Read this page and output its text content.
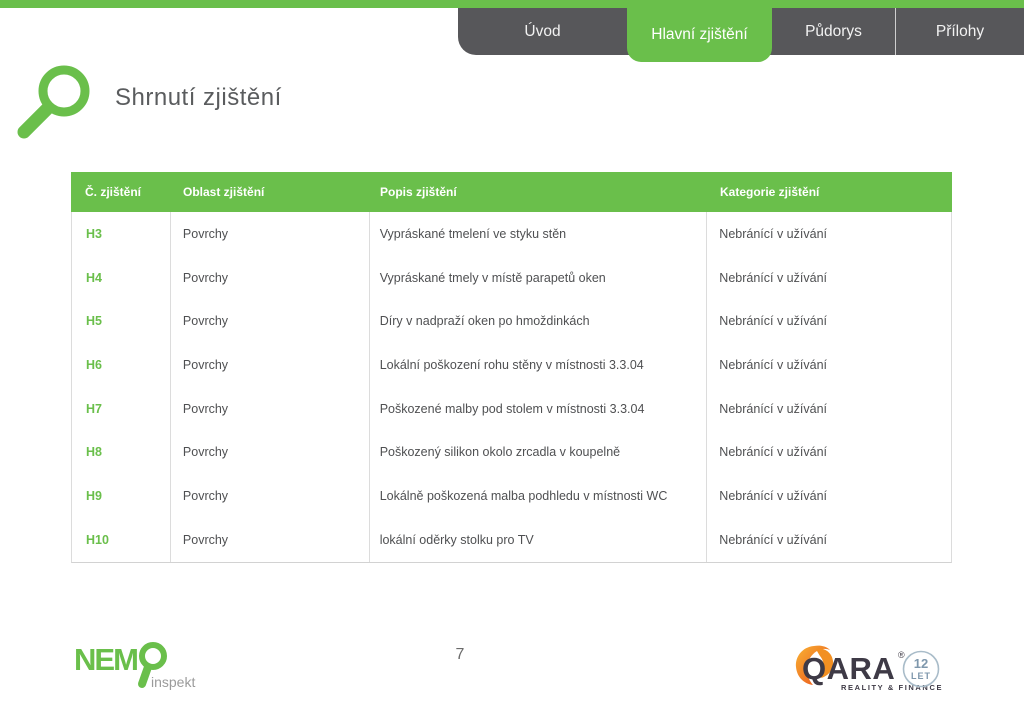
Úvod	Hlavní zjištění	Půdorys	Přílohy
Shrnutí zjištění
Č. zjištění	Oblast zjištění	Popis zjištění	Kategorie zjištění
H3	Povrchy	Vypráskané tmelení ve styku stěn	Nebránící v užívání
H4	Povrchy	Vypráskané tmely v místě parapetů oken	Nebránící v užívání
H5	Povrchy	Díry v nadpraží oken po hmoždinkách	Nebránící v užívání
H6	Povrchy	Lokální poškození rohu stěny v místnosti 3.3.04	Nebránící v užívání
H7	Povrchy	Poškozené malby pod stolem v místnosti 3.3.04	Nebránící v užívání
H8	Povrchy	Poškozený silikon okolo zrcadla v koupelně	Nebránící v užívání
H9	Povrchy	Lokálně poškozená malba podhledu v místnosti WC	Nebránící v užívání
H10	Povrchy	lokální oděrky stolku pro TV	Nebránící v užívání
NEM
inspekt
7	QARA ®
REALITY & FINANCE
12
LET
